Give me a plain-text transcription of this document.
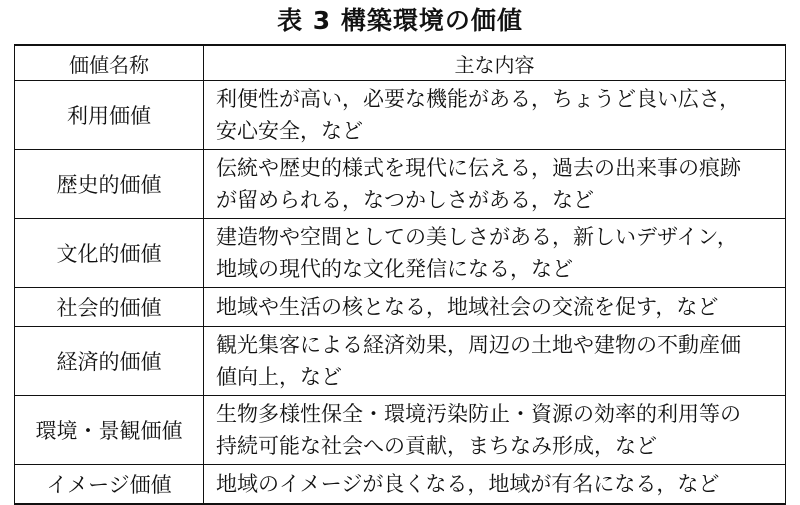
表 3 構築環境の価値
価値名称	主な内容
利用価値	利便性が高い，必要な機能がある，ちょうど良い広さ，
安心安全，など

歴史的価値	伝統や歴史的様式を現代に伝える，過去の出来事の痕跡
が留められる，なつかしさがある，など

文化的価値	建造物や空間としての美しさがある，新しいデザイン，
地域の現代的な文化発信になる，など

社会的価値	地域や生活の核となる，地域社会の交流を促す，など

経済的価値	観光集客による経済効果，周辺の土地や建物の不動産価
値向上，など

環境・景観価値	生物多様性保全・環境汚染防止・資源の効率的利用等の
持続可能な社会への貢献，まちなみ形成，など

イメージ価値	地域のイメージが良くなる，地域が有名になる，など
